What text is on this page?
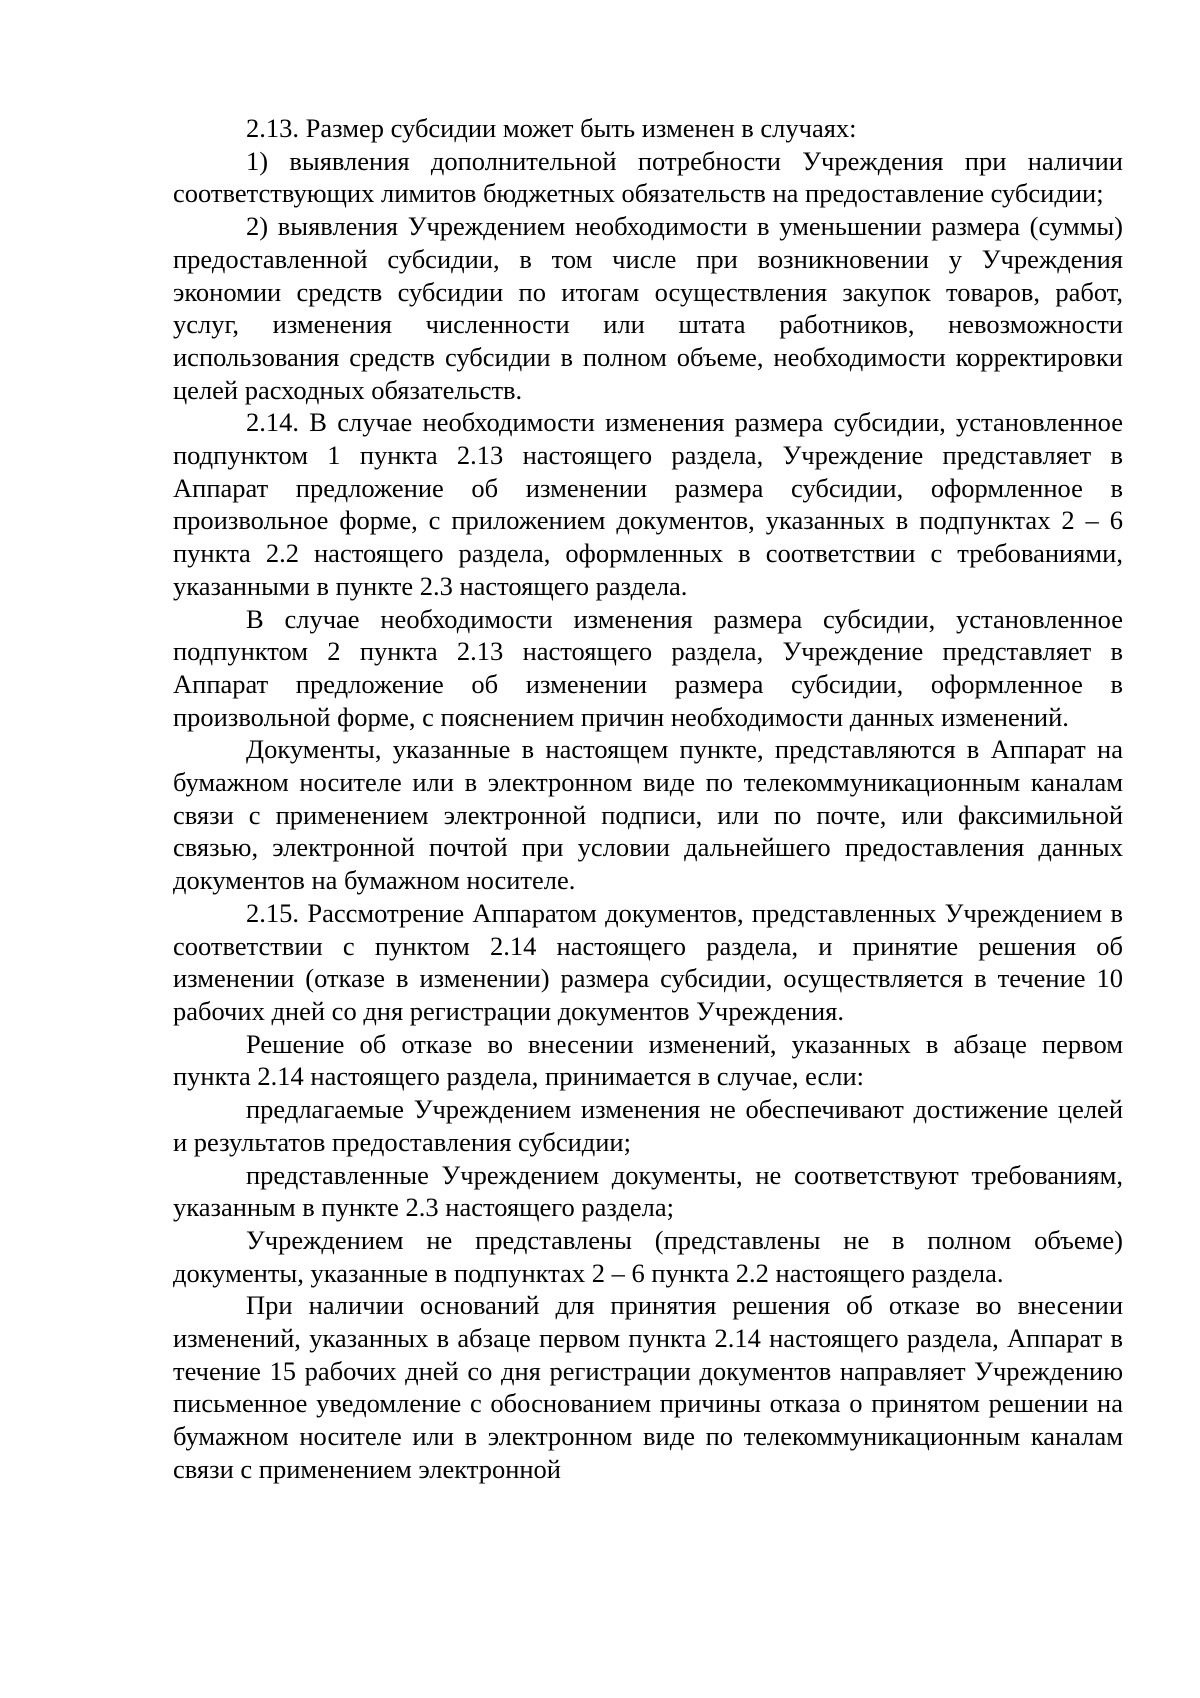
2.13. Размер субсидии может быть изменен в случаях:

1) выявления дополнительной потребности Учреждения при наличии соответствующих лимитов бюджетных обязательств на предоставление субсидии;

2) выявления Учреждением необходимости в уменьшении размера (суммы) предоставленной субсидии, в том числе при возникновении у Учреждения экономии средств субсидии по итогам осуществления закупок товаров, работ, услуг, изменения численности или штата работников, невозможности использования средств субсидии в полном объеме, необходимости корректировки целей расходных обязательств.

2.14. В случае необходимости изменения размера субсидии, установленное подпунктом 1 пункта 2.13 настоящего раздела, Учреждение представляет в Аппарат предложение об изменении размера субсидии, оформленное в произвольное форме, с приложением документов, указанных в подпунктах 2 – 6 пункта 2.2 настоящего раздела, оформленных в соответствии с требованиями, указанными в пункте 2.3 настоящего раздела.

В случае необходимости изменения размера субсидии, установленное подпунктом 2 пункта 2.13 настоящего раздела, Учреждение представляет в Аппарат предложение об изменении размера субсидии, оформленное в произвольной форме, с пояснением причин необходимости данных изменений.

Документы, указанные в настоящем пункте, представляются в Аппарат на бумажном носителе или в электронном виде по телекоммуникационным каналам связи с применением электронной подписи, или по почте, или факсимильной связью, электронной почтой при условии дальнейшего предоставления данных документов на бумажном носителе.

2.15. Рассмотрение Аппаратом документов, представленных Учреждением в соответствии с пунктом 2.14 настоящего раздела, и принятие решения об изменении (отказе в изменении) размера субсидии, осуществляется в течение 10 рабочих дней со дня регистрации документов Учреждения.

Решение об отказе во внесении изменений, указанных в абзаце первом пункта 2.14 настоящего раздела, принимается в случае, если:

предлагаемые Учреждением изменения не обеспечивают достижение целей и результатов предоставления субсидии;

представленные Учреждением документы, не соответствуют требованиям, указанным в пункте 2.3 настоящего раздела;

Учреждением не представлены (представлены не в полном объеме) документы, указанные в подпунктах 2 – 6 пункта 2.2 настоящего раздела.

При наличии оснований для принятия решения об отказе во внесении изменений, указанных в абзаце первом пункта 2.14 настоящего раздела, Аппарат в течение 15 рабочих дней со дня регистрации документов направляет Учреждению письменное уведомление с обоснованием причины отказа о принятом решении на бумажном носителе или в электронном виде по телекоммуникационным каналам связи с применением электронной
